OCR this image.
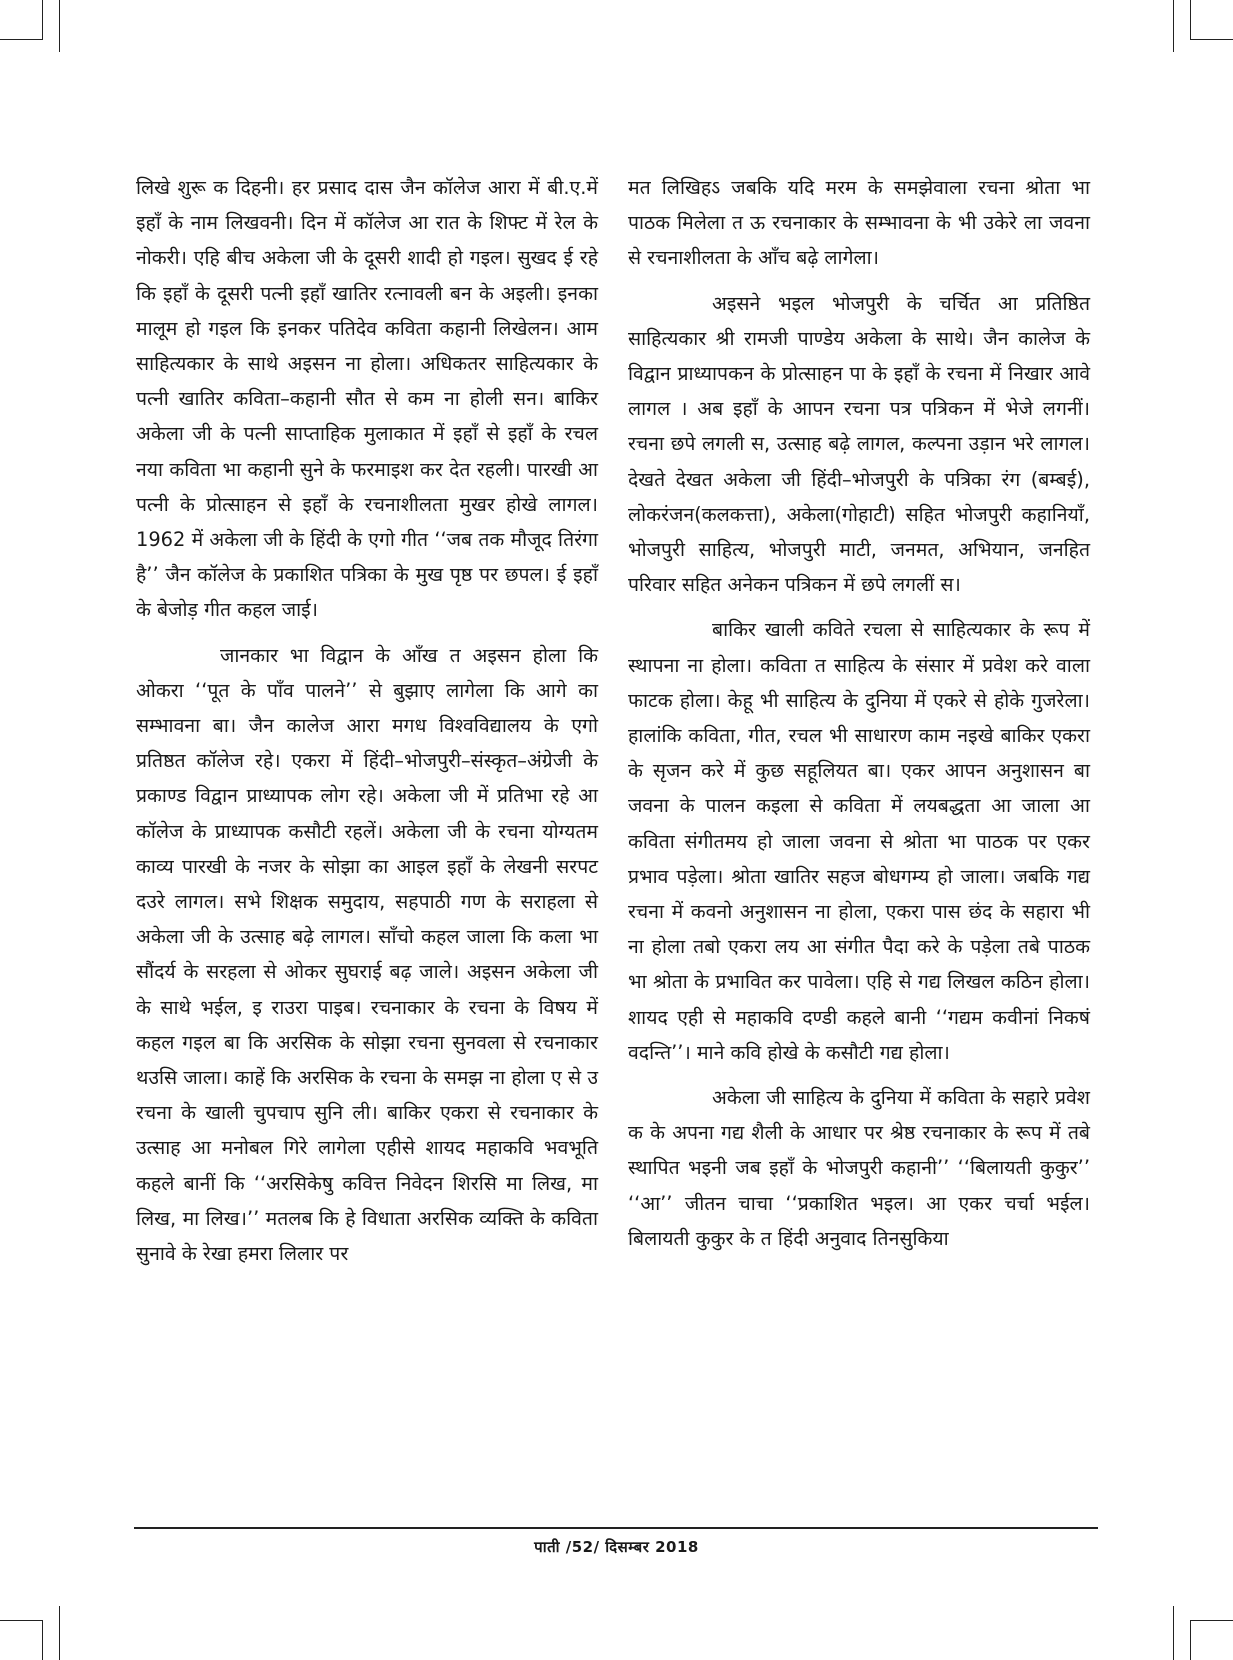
लिखे शुरू क दिहनी। हर प्रसाद दास जैन कॉलेज आरा में बी.ए.में इहाँ के नाम लिखवनी। दिन में कॉलेज आ रात के शिफ्ट में रेल के नोकरी। एहि बीच अकेला जी के दूसरी शादी हो गइल। सुखद ई रहे कि इहाँ के दूसरी पत्नी इहाँ खातिर रत्नावली बन के अइली। इनका मालूम हो गइल कि इनकर पतिदेव कविता कहानी लिखेलन। आम साहित्यकार के साथे अइसन ना होला। अधिकतर साहित्यकार के पत्नी खातिर कविता–कहानी सौत से कम ना होली सन। बाकिर अकेला जी के पत्नी साप्ताहिक मुलाकात में इहाँ से इहाँ के रचल नया कविता भा कहानी सुने के फरमाइश कर देत रहली। पारखी आ पत्नी के प्रोत्साहन से इहाँ के रचनाशीलता मुखर होखे लागल। 1962 में अकेला जी के हिंदी के एगो गीत ‘‘जब तक मौजूद तिरंगा है’’ जैन कॉलेज के प्रकाशित पत्रिका के मुख पृष्ठ पर छपल। ई इहाँ के बेजोड़ गीत कहल जाई।

जानकार भा विद्वान के आँख त अइसन होला कि ओकरा ‘‘पूत के पाँव पालने’’ से बुझाए लागेला कि आगे का सम्भावना बा। जैन कालेज आरा मगध विश्वविद्यालय के एगो प्रतिष्ठत कॉलेज रहे। एकरा में हिंदी–भोजपुरी–संस्कृत–अंग्रेजी के प्रकाण्ड विद्वान प्राध्यापक लोग रहे। अकेला जी में प्रतिभा रहे आ कॉलेज के प्राध्यापक कसौटी रहलें। अकेला जी के रचना योग्यतम काव्य पारखी के नजर के सोझा का आइल इहाँ के लेखनी सरपट दउरे लागल। सभे शिक्षक समुदाय, सहपाठी गण के सराहला से अकेला जी के उत्साह बढ़े लागल। साँचो कहल जाला कि कला भा सौंदर्य के सरहला से ओकर सुघराई बढ़ जाले। अइसन अकेला जी के साथे भईल, इ राउरा पाइब। रचनाकार के रचना के विषय में कहल गइल बा कि अरसिक के सोझा रचना सुनवला से रचनाकार थउसि जाला। काहें कि अरसिक के रचना के समझ ना होला ए से उ रचना के खाली चुपचाप सुनि ली। बाकिर एकरा से रचनाकार के उत्साह आ मनोबल गिरे लागेला एहीसे शायद महाकवि भवभूति कहले बानीं कि ‘‘अरसिकेषु कवित्त निवेदन शिरसि मा लिख, मा लिख, मा लिख।’’ मतलब कि हे विधाता अरसिक व्यक्ति के कविता सुनावे के रेखा हमरा लिलार पर

मत लिखिहऽ जबकि यदि मरम के समझेवाला रचना श्रोता भा पाठक मिलेला त ऊ रचनाकार के सम्भावना के भी उकेरे ला जवना से रचनाशीलता के आँच बढ़े लागेला।

अइसने भइल भोजपुरी के चर्चित आ प्रतिष्ठित साहित्यकार श्री रामजी पाण्डेय अकेला के साथे। जैन कालेज के विद्वान प्राध्यापकन के प्रोत्साहन पा के इहाँ के रचना में निखार आवे लागल । अब इहाँ के आपन रचना पत्र पत्रिकन में भेजे लगनीं। रचना छपे लगली स, उत्साह बढ़े लागल, कल्पना उड़ान भरे लागल। देखते देखत अकेला जी हिंदी–भोजपुरी के पत्रिका रंग (बम्बई), लोकरंजन(कलकत्ता), अकेला(गोहाटी) सहित भोजपुरी कहानियाँ, भोजपुरी साहित्य, भोजपुरी माटी, जनमत, अभियान, जनहित परिवार सहित अनेकन पत्रिकन में छपे लगलीं स।

बाकिर खाली कविते रचला से साहित्यकार के रूप में स्थापना ना होला। कविता त साहित्य के संसार में प्रवेश करे वाला फाटक होला। केहू भी साहित्य के दुनिया में एकरे से होके गुजरेला। हालांकि कविता, गीत, रचल भी साधारण काम नइखे बाकिर एकरा के सृजन करे में कुछ सहूलियत बा। एकर आपन अनुशासन बा जवना के पालन कइला से कविता में लयबद्धता आ जाला आ कविता संगीतमय हो जाला जवना से श्रोता भा पाठक पर एकर प्रभाव पड़ेला। श्रोता खातिर सहज बोधगम्य हो जाला। जबकि गद्य रचना में कवनो अनुशासन ना होला, एकरा पास छंद के सहारा भी ना होला तबो एकरा लय आ संगीत पैदा करे के पड़ेला तबे पाठक भा श्रोता के प्रभावित कर पावेला। एहि से गद्य लिखल कठिन होला। शायद एही से महाकवि दण्डी कहले बानी ‘‘गद्यम कवीनां निकषं वदन्ति’’। माने कवि होखे के कसौटी गद्य होला।

अकेला जी साहित्य के दुनिया में कविता के सहारे प्रवेश क के अपना गद्य शैली के आधार पर श्रेष्ठ रचनाकार के रूप में तबे स्थापित भइनी जब इहाँ के भोजपुरी कहानी’’ ‘‘बिलायती कुकुर’’ ‘‘आ’’ जीतन चाचा ‘‘प्रकाशित भइल। आ एकर चर्चा भईल। बिलायती कुकुर के त हिंदी अनुवाद तिनसुकिया

पाती /52/ दिसम्बर 2018
